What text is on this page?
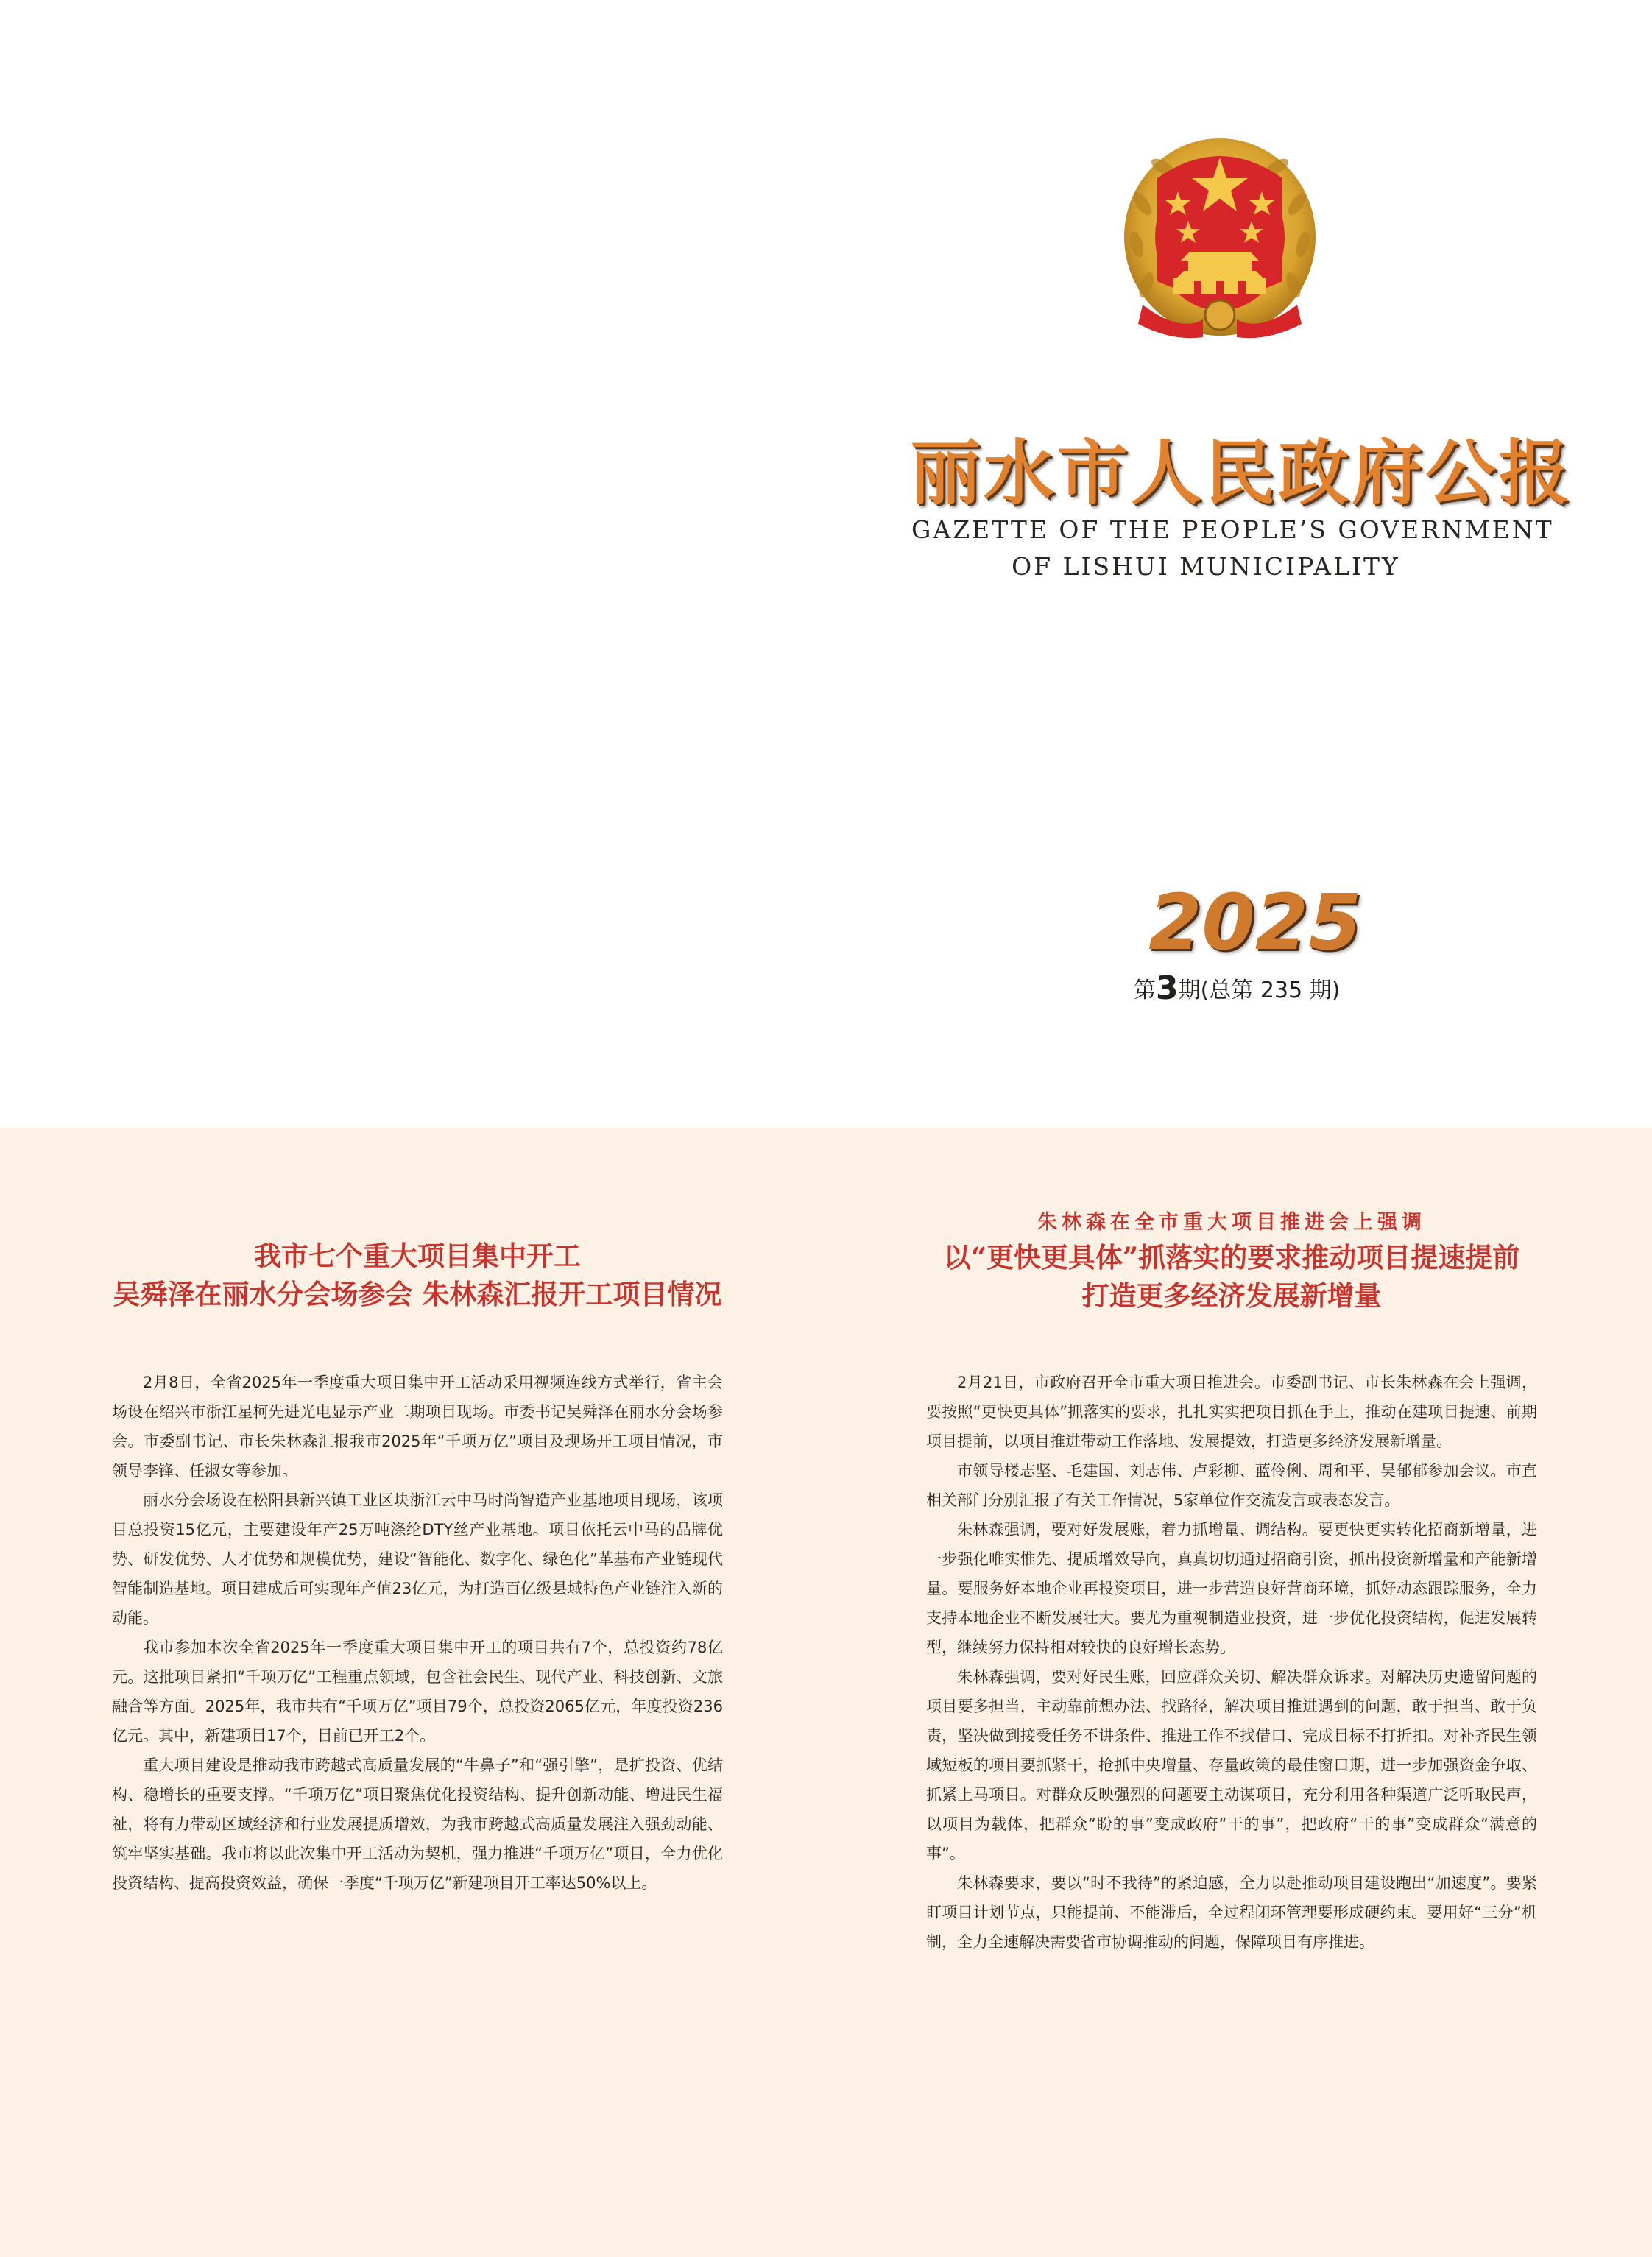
丽水市人民政府公报
GAZETTE OF THE PEOPLE’S GOVERNMENT
OF LISHUI MUNICIPALITY
2025
第3期(总第 235 期)
我市七个重大项目集中开工
吴舜泽在丽水分会场参会 朱林森汇报开工项目情况

2月8日，全省2025年一季度重大项目集中开工活动采用视频连线方式举行，省主会场设在绍兴市浙江星柯先进光电显示产业二期项目现场。市委书记吴舜泽在丽水分会场参会。市委副书记、市长朱林森汇报我市2025年“千项万亿”项目及现场开工项目情况，市领导李锋、任淑女等参加。

丽水分会场设在松阳县新兴镇工业区块浙江云中马时尚智造产业基地项目现场，该项目总投资15亿元，主要建设年产25万吨涤纶DTY丝产业基地。项目依托云中马的品牌优势、研发优势、人才优势和规模优势，建设“智能化、数字化、绿色化”革基布产业链现代智能制造基地。项目建成后可实现年产值23亿元，为打造百亿级县域特色产业链注入新的动能。

我市参加本次全省2025年一季度重大项目集中开工的项目共有7个，总投资约78亿元。这批项目紧扣“千项万亿”工程重点领域，包含社会民生、现代产业、科技创新、文旅融合等方面。2025年，我市共有“千项万亿”项目79个，总投资2065亿元，年度投资236亿元。其中，新建项目17个，目前已开工2个。

重大项目建设是推动我市跨越式高质量发展的“牛鼻子”和“强引擎”，是扩投资、优结构、稳增长的重要支撑。“千项万亿”项目聚焦优化投资结构、提升创新动能、增进民生福祉，将有力带动区域经济和行业发展提质增效，为我市跨越式高质量发展注入强劲动能、筑牢坚实基础。我市将以此次集中开工活动为契机，强力推进“千项万亿”项目，全力优化投资结构、提高投资效益，确保一季度“千项万亿”新建项目开工率达50%以上。

朱林森在全市重大项目推进会上强调
以“更快更具体”抓落实的要求推动项目提速提前
打造更多经济发展新增量

2月21日，市政府召开全市重大项目推进会。市委副书记、市长朱林森在会上强调，要按照“更快更具体”抓落实的要求，扎扎实实把项目抓在手上，推动在建项目提速、前期项目提前，以项目推进带动工作落地、发展提效，打造更多经济发展新增量。

市领导楼志坚、毛建国、刘志伟、卢彩柳、蓝伶俐、周和平、吴郁郁参加会议。市直相关部门分别汇报了有关工作情况，5家单位作交流发言或表态发言。

朱林森强调，要对好发展账，着力抓增量、调结构。要更快更实转化招商新增量，进一步强化唯实惟先、提质增效导向，真真切切通过招商引资，抓出投资新增量和产能新增量。要服务好本地企业再投资项目，进一步营造良好营商环境，抓好动态跟踪服务，全力支持本地企业不断发展壮大。要尤为重视制造业投资，进一步优化投资结构，促进发展转型，继续努力保持相对较快的良好增长态势。

朱林森强调，要对好民生账，回应群众关切、解决群众诉求。对解决历史遗留问题的项目要多担当，主动靠前想办法、找路径，解决项目推进遇到的问题，敢于担当、敢于负责，坚决做到接受任务不讲条件、推进工作不找借口、完成目标不打折扣。对补齐民生领域短板的项目要抓紧干，抢抓中央增量、存量政策的最佳窗口期，进一步加强资金争取、抓紧上马项目。对群众反映强烈的问题要主动谋项目，充分利用各种渠道广泛听取民声，以项目为载体，把群众“盼的事”变成政府“干的事”，把政府“干的事”变成群众“满意的事”。

朱林森要求，要以“时不我待”的紧迫感，全力以赴推动项目建设跑出“加速度”。要紧盯项目计划节点，只能提前、不能滞后，全过程闭环管理要形成硬约束。要用好“三分”机制，全力全速解决需要省市协调推动的问题，保障项目有序推进。
